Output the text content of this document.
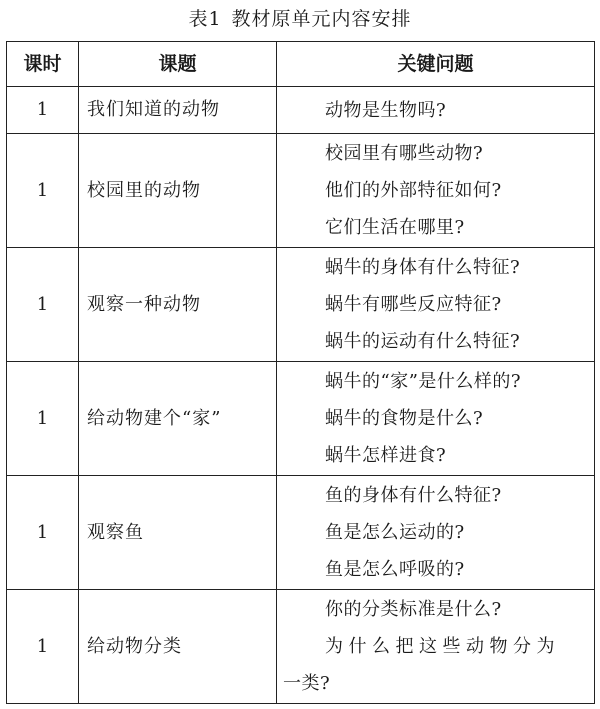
表1 教材原单元内容安排
课时	课题	关键问题
1	我们知道的动物	动物是生物吗?

1	校园里的动物	校园里有哪些动物?
他们的外部特征如何?
它们生活在哪里?

1	观察一种动物	蜗牛的身体有什么特征?
蜗牛有哪些反应特征?
蜗牛的运动有什么特征?

1	给动物建个“家”	蜗牛的“家”是什么样的?
蜗牛的食物是什么?
蜗牛怎样进食?

1	观察鱼	鱼的身体有什么特征?
鱼是怎么运动的?
鱼是怎么呼吸的?

1	给动物分类	你的分类标准是什么?
为什么把这些动物分为
一类?
